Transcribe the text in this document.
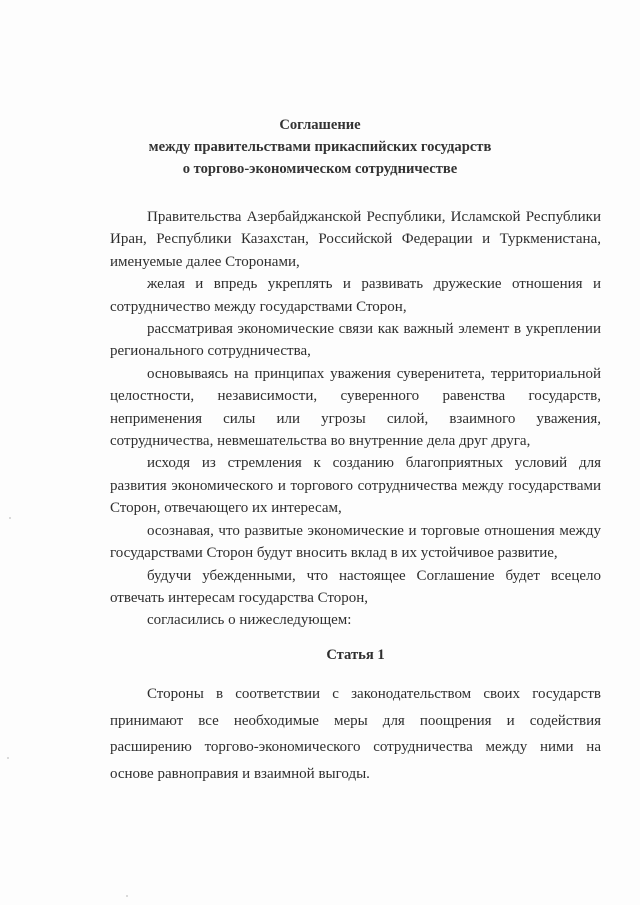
Соглашение
между правительствами прикаспийских государств
о торгово-экономическом сотрудничестве

Правительства Азербайджанской Республики, Исламской Республики Иран, Республики Казахстан, Российской Федерации и Туркменистана, именуемые далее Сторонами,

желая и впредь укреплять и развивать дружеские отношения и сотрудничество между государствами Сторон,

рассматривая экономические связи как важный элемент в укреплении регионального сотрудничества,

основываясь на принципах уважения суверенитета, территориальной целостности, независимости, суверенного равенства государств, неприменения силы или угрозы силой, взаимного уважения, сотрудничества, невмешательства во внутренние дела друг друга,

исходя из стремления к созданию благоприятных условий для развития экономического и торгового сотрудничества между государствами Сторон, отвечающего их интересам,

осознавая, что развитые экономические и торговые отношения между государствами Сторон будут вносить вклад в их устойчивое развитие,

будучи убежденными, что настоящее Соглашение будет всецело отвечать интересам государства Сторон,

согласились о нижеследующем:

Статья 1

Стороны в соответствии с законодательством своих государств принимают все необходимые меры для поощрения и содействия расширению торгово-экономического сотрудничества между ними на основе равноправия и взаимной выгоды.
